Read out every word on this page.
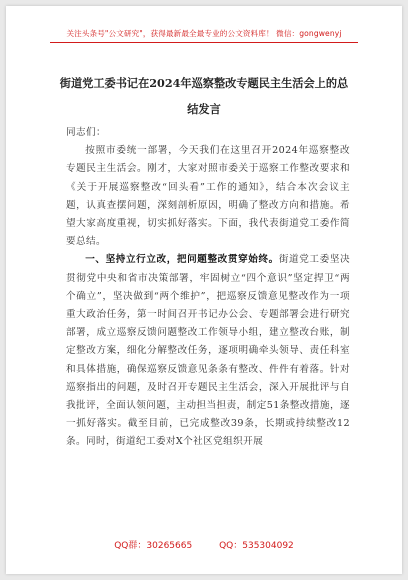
关注头条号"公文研究"，获得最新最全最专业的公文资料库！ 微信：gongwenyj
街道党工委书记在2024年巡察整改专题民主生活会上的总结发言

同志们：

按照市委统一部署，今天我们在这里召开2024年巡察整改专题民主生活会。刚才，大家对照市委关于巡察工作整改要求和《关于开展巡察整改“回头看”工作的通知》，结合本次会议主题，认真查摆问题，深刻剖析原因，明确了整改方向和措施。希望大家高度重视，切实抓好落实。下面，我代表街道党工委作简要总结。

一、坚持立行立改，把问题整改贯穿始终。街道党工委坚决贯彻党中央和省市决策部署，牢固树立“四个意识”坚定捍卫“两个确立”，坚决做到“两个维护”，把巡察反馈意见整改作为一项重大政治任务，第一时间召开书记办公会、专题部署会进行研究部署，成立巡察反馈问题整改工作领导小组，建立整改台账，制定整改方案，细化分解整改任务，逐项明确牵头领导、责任科室和具体措施，确保巡察反馈意见条条有整改、件件有着落。针对巡察指出的问题，及时召开专题民主生活会，深入开展批评与自我批评，全面认领问题，主动担当担责，制定51条整改措施，逐一抓好落实。截至目前，已完成整改39条，长期或持续整改12条。同时，街道纪工委对X个社区党组织开展

QQ群：30265665	QQ：535304092
